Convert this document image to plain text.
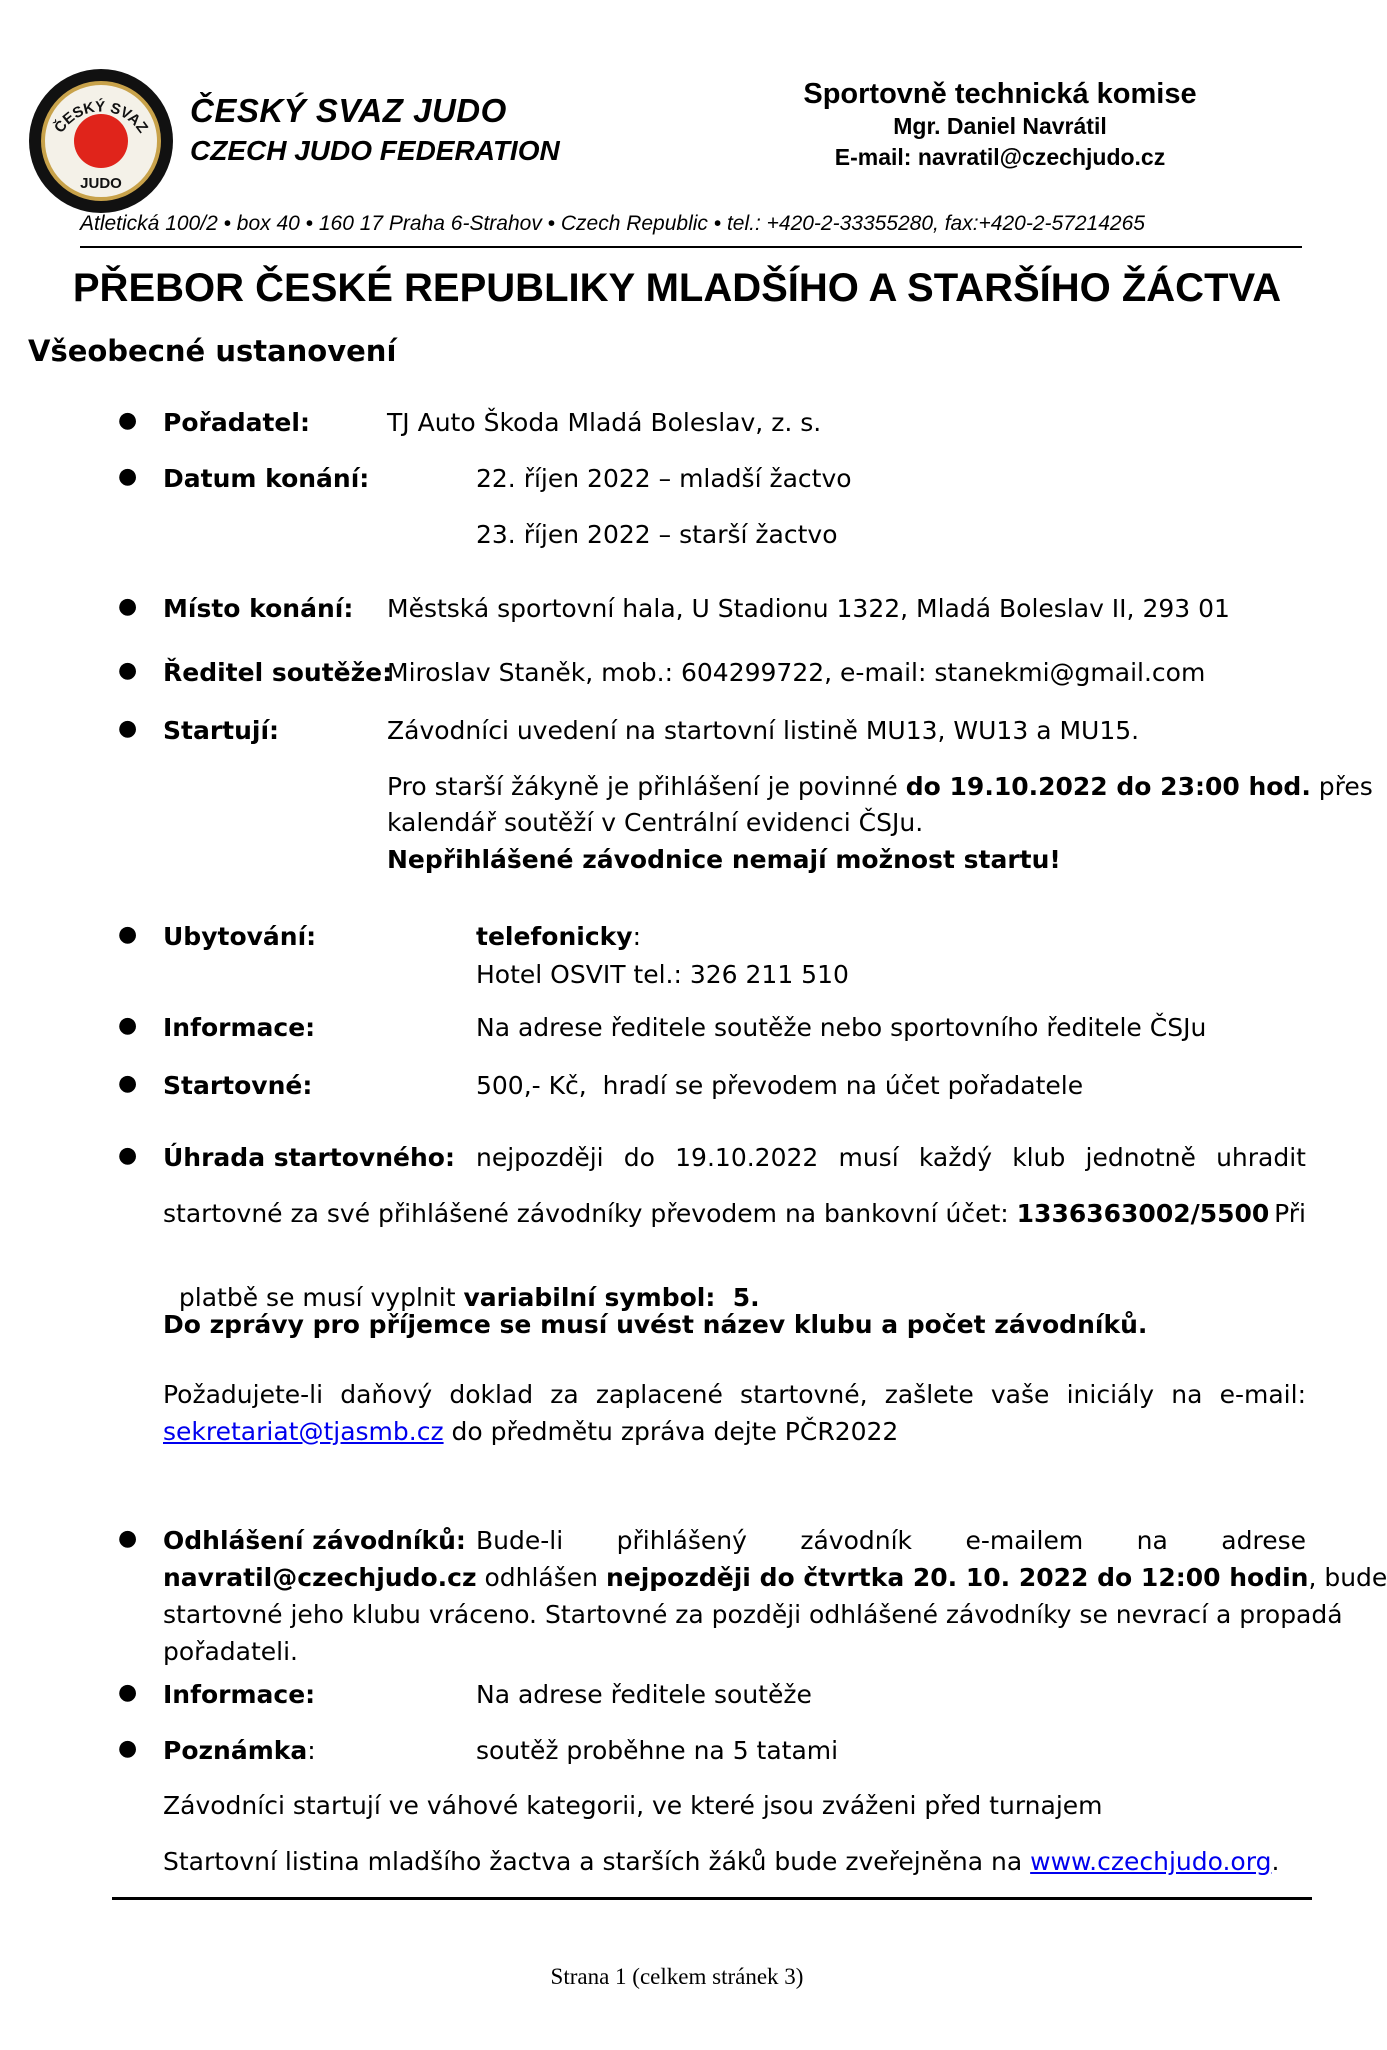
ČESKÝ SVAZ
JUDO
ČESKÝ SVAZ JUDO
CZECH JUDO FEDERATION
Sportovně technická komise
Mgr. Daniel Navrátil
E-mail: navratil@czechjudo.cz
Atletická 100/2 • box 40 • 160 17 Praha 6-Strahov • Czech Republic • tel.: +420-2-33355280, fax:+420-2-57214265
PŘEBOR ČESKÉ REPUBLIKY MLADŠÍHO A STARŠÍHO ŽÁCTVA
Všeobecné ustanovení
● Pořadatel:	TJ Auto Škoda Mladá Boleslav, z. s.
● Datum konání:	22. říjen 2022 – mladší žactvo
23. říjen 2022 – starší žactvo
● Místo konání: Městská sportovní hala, U Stadionu 1322, Mladá Boleslav II, 293 01
● Ředitel soutěže:
Miroslav Staněk, mob.: 604299722, e-mail: stanekmi@gmail.com
● Startují:	Závodníci uvedení na startovní listině MU13, WU13 a MU15.
Pro starší žákyně je přihlášení je povinné do 19.10.2022 do 23:00 hod. přes
kalendář soutěží v Centrální evidenci ČSJu.
Nepřihlášené závodnice nemají možnost startu!
● Ubytování:	telefonicky:
Hotel OSVIT tel.: 326 211 510
● Informace:	Na adrese ředitele soutěže nebo sportovního ředitele ČSJu
● Startovné:	500,- Kč,  hradí se převodem na účet pořadatele
● Úhrada startovného: nejpozději do 19.10.2022 musí každý klub jednotně uhradit
startovné za své přihlášené závodníky převodem na bankovní účet: 1336363002/5500 Při

platbě se musí vyplnit variabilní symbol:  5.

Do zprávy pro příjemce se musí uvést název klubu a počet závodníků.
Požadujete-li daňový doklad za zaplacené startovné, zašlete vaše iniciály na e-mail:
sekretariat@tjasmb.cz do předmětu zpráva dejte PČR2022
● Odhlášení závodníků: Bude-li přihlášený závodník e-mailem na adrese
navratil@czechjudo.cz odhlášen nejpozději do čtvrtka 20. 10. 2022 do 12:00 hodin , bude
startovné jeho klubu vráceno. Startovné za později odhlášené závodníky se nevrací a propadá
pořadateli.
● Informace:	Na adrese ředitele soutěže
● Poznámka:	soutěž proběhne na 5 tatami
Závodníci startují ve váhové kategorii, ve které jsou zváženi před turnajem
Startovní listina mladšího žactva a starších žáků bude zveřejněna na www.czechjudo.org.
Strana 1 (celkem stránek 3)
